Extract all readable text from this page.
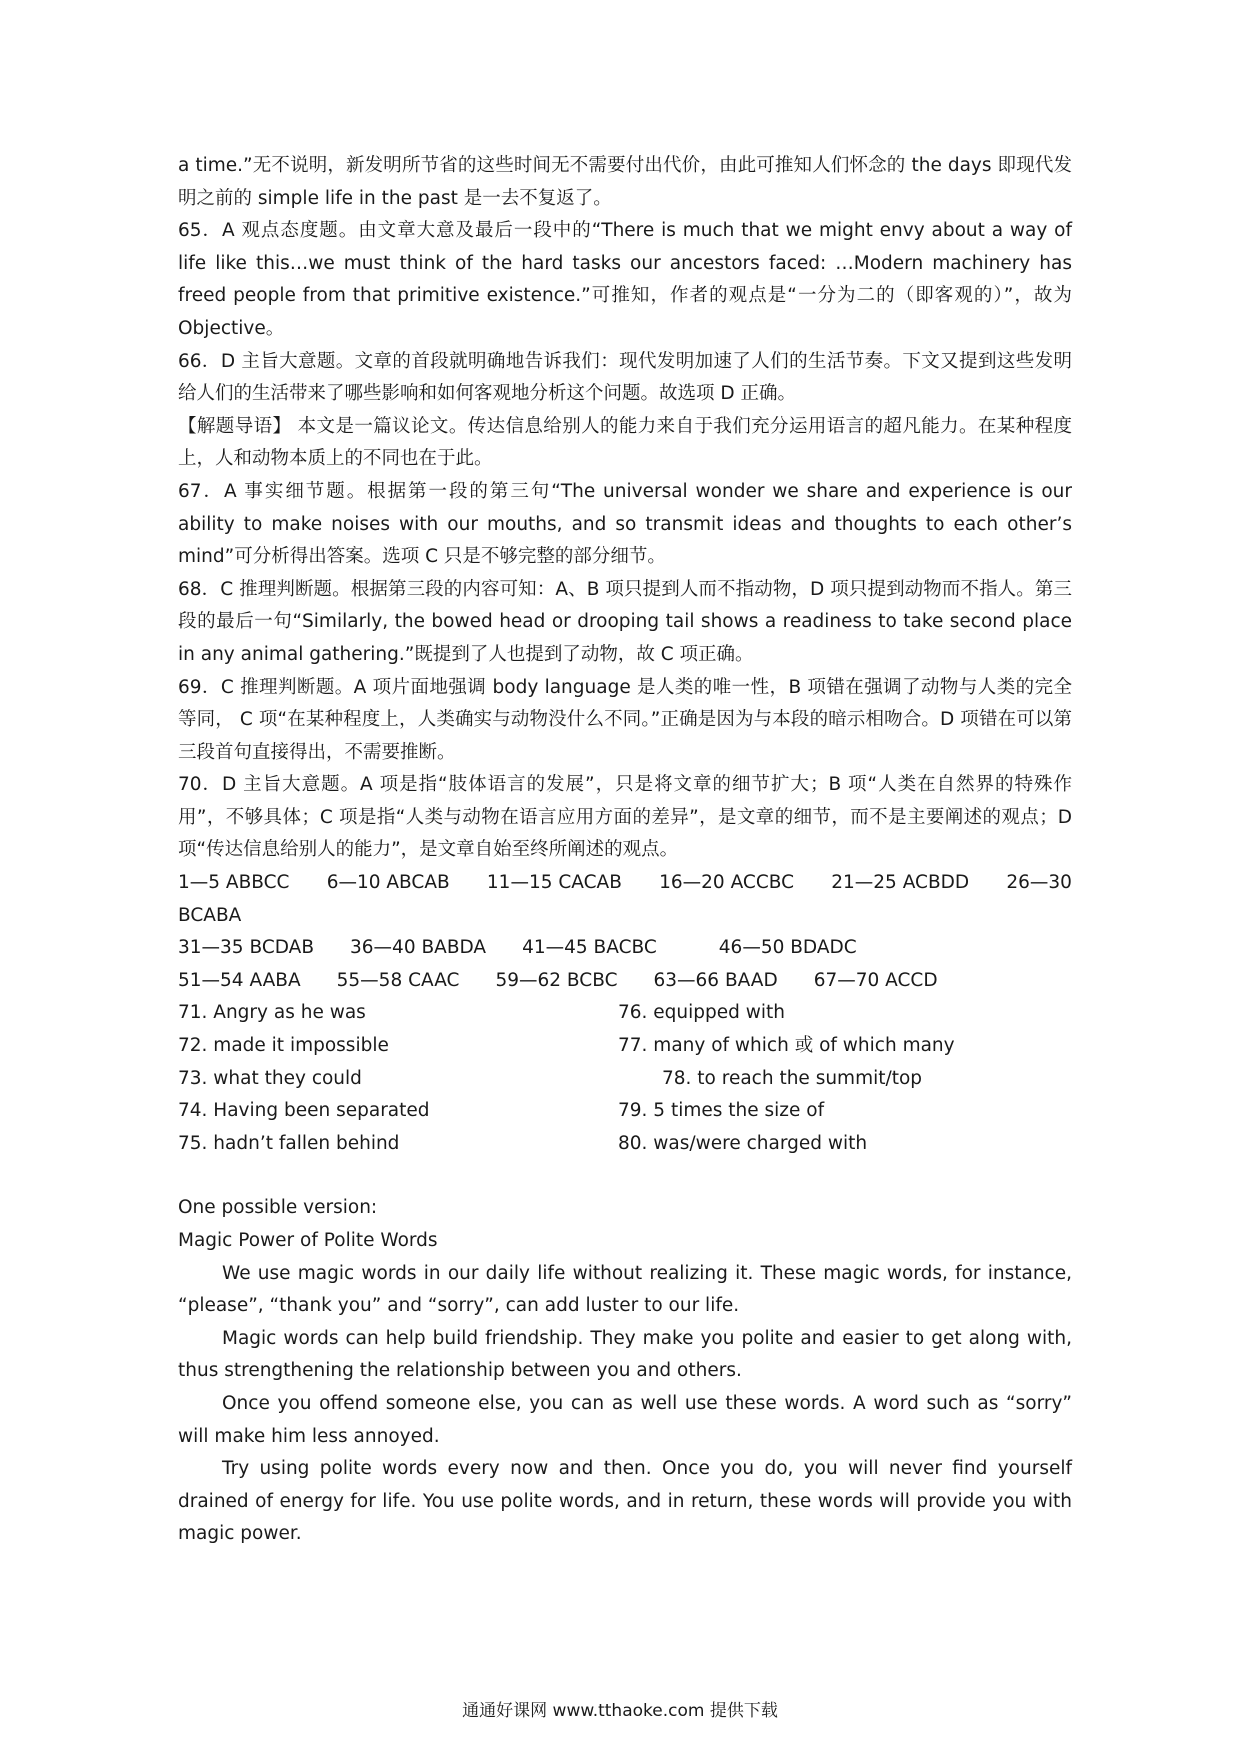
a time.”无不说明，新发明所节省的这些时间无不需要付出代价，由此可推知人们怀念的 the days 即现代发明之前的 simple life in the past 是一去不复返了。

65．A 观点态度题。由文章大意及最后一段中的“There is much that we might envy about a way of life like this…we must think of the hard tasks our ancestors faced: …Modern machinery has freed people from that primitive existence.”可推知，作者的观点是“一分为二的（即客观的）”，故为 Objective。

66．D 主旨大意题。文章的首段就明确地告诉我们：现代发明加速了人们的生活节奏。下文又提到这些发明给人们的生活带来了哪些影响和如何客观地分析这个问题。故选项 D 正确。

【解题导语】 本文是一篇议论文。传达信息给别人的能力来自于我们充分运用语言的超凡能力。在某种程度上，人和动物本质上的不同也在于此。

67．A 事实细节题。根据第一段的第三句“The universal wonder we share and experience is our ability to make noises with our mouths, and so transmit ideas and thoughts to each other’s mind”可分析得出答案。选项 C 只是不够完整的部分细节。

68．C 推理判断题。根据第三段的内容可知：A、B 项只提到人而不指动物，D 项只提到动物而不指人。第三段的最后一句“Similarly, the bowed head or drooping tail shows a readiness to take second place in any animal gathering.”既提到了人也提到了动物，故 C 项正确。

69．C 推理判断题。A 项片面地强调 body language 是人类的唯一性，B 项错在强调了动物与人类的完全等同， C 项“在某种程度上，人类确实与动物没什么不同。”正确是因为与本段的暗示相吻合。D 项错在可以第三段首句直接得出，不需要推断。

70．D 主旨大意题。A 项是指“肢体语言的发展”，只是将文章的细节扩大；B 项“人类在自然界的特殊作用”，不够具体；C 项是指“人类与动物在语言应用方面的差异”，是文章的细节，而不是主要阐述的观点；D 项“传达信息给别人的能力”，是文章自始至终所阐述的观点。

1—5 ABBCC 6—10 ABCAB 11—15 CACAB 16—20 ACCBC 21—25 ACBDD 26—30
BCABA
31—35 BCDAB 36—40 BABDA 41—45 BACBC	46—50 BDADC
51—54 AABA 55—58 CAAC 59—62 BCBC 63—66 BAAD 67—70 ACCD
71. Angry as he was
72. made it impossible
73. what they could
74. Having been separated
75. hadn’t fallen behind
76. equipped with
77. many of which 或 of which many
78. to reach the summit/top
79. 5 times the size of
80. was/were charged with
One possible version:
Magic Power of Polite Words

We use magic words in our daily life without realizing it. These magic words, for instance, “please”, “thank you” and “sorry”, can add luster to our life.

Magic words can help build friendship. They make you polite and easier to get along with, thus strengthening the relationship between you and others.

Once you offend someone else, you can as well use these words. A word such as “sorry” will make him less annoyed.

Try using polite words every now and then. Once you do, you will never find yourself drained of energy for life. You use polite words, and in return, these words will provide you with magic power.

通通好课网 www.tthaoke.com 提供下载
